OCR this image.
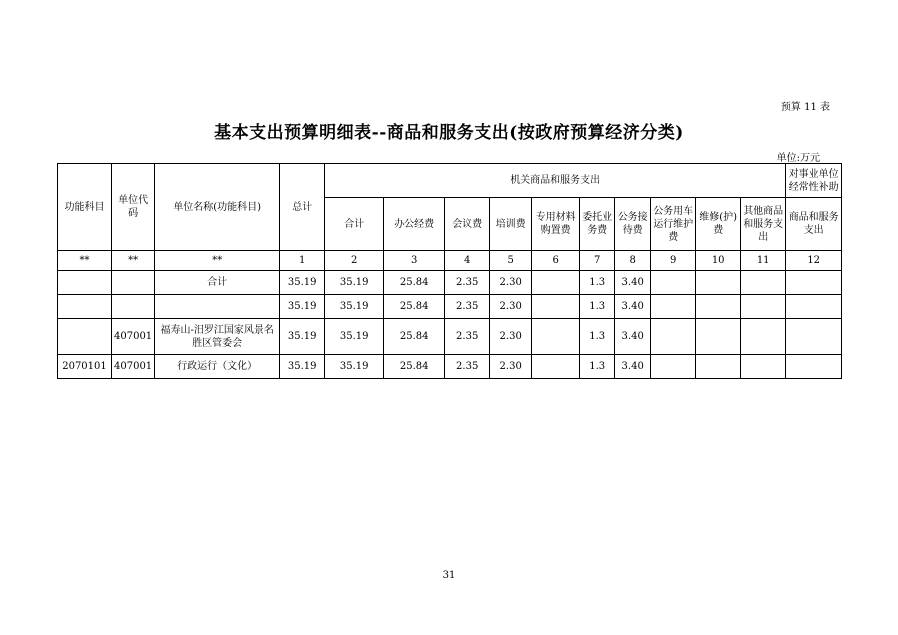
预算 11 表
基本支出预算明细表--商品和服务支出(按政府预算经济分类)
单位:万元
功能科目	单位代码	单位名称(功能科目)	总计	机关商品和服务支出										对事业单位经常性补助
				合计	办公经费	会议费	培训费	专用材料购置费	委托业务费	公务接待费	公务用车运行维护费	维修(护)费	其他商品和服务支出	商品和服务支出
**	**	**	1	2	3	4	5	6	7	8	9	10	11	12
		合计	35.19	35.19	25.84	2.35	2.30		1.3	3.40				
			35.19	35.19	25.84	2.35	2.30		1.3	3.40				
	407001	福寿山-汨罗江国家风景名胜区管委会	35.19	35.19	25.84	2.35	2.30		1.3	3.40				
2070101	407001	行政运行（文化）	35.19	35.19	25.84	2.35	2.30		1.3	3.40				
31
